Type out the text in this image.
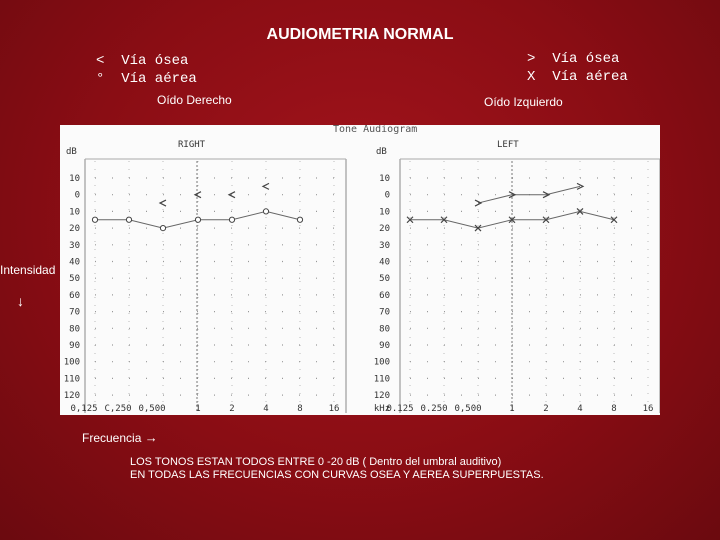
AUDIOMETRIA NORMAL
<  Vía ósea
°  Vía aérea
>  Vía ósea
X  Vía aérea
Oído Derecho	Oído Izquierdo
Tone Audiogram
RIGHT
dB
10
0
10
20
30
40
50
60
70
80
90
100
110
120
0,125 C,250 0,500	1	2	4	8	16
LEFT
dB
10
0
10
20
30
40
50
60
70
80
90
100
110
120
0.125 0.250 0,500	1	2	4	8	16
kHz
Intensidad
↓
Frecuencia →
LOS TONOS ESTAN TODOS ENTRE 0 -20 dB ( Dentro del umbral auditivo)
EN TODAS LAS FRECUENCIAS CON CURVAS OSEA Y AEREA SUPERPUESTAS.
